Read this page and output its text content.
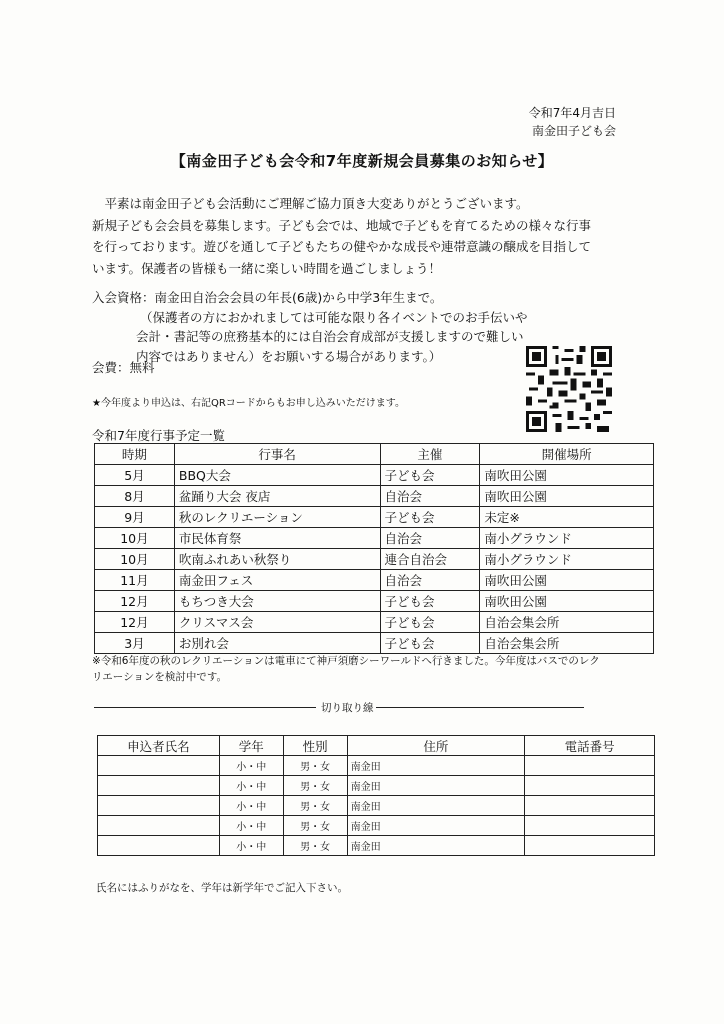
令和7年4月吉日
南金田子ども会
【南金田子ども会令和7年度新規会員募集のお知らせ】

　平素は南金田子ども会活動にご理解ご協力頂き大変ありがとうございます。

新規子ども会会員を募集します。子ども会では、地域で子どもを育てるための様々な行事

を行っております。遊びを通して子どもたちの健やかな成長や連帯意識の醸成を目指して

います。保護者の皆様も一緒に楽しい時間を過ごしましょう！

入会資格：南金田自治会会員の年長(6歳)から中学3年生まで。
（保護者の方におかれましては可能な限り各イベントでのお手伝いや
会計・書記等の庶務基本的には自治会育成部が支援しますので難しい
内容ではありません）をお願いする場合があります。）
会費：無料
★今年度より申込は、右記QRコードからもお申し込みいただけます。
令和7年度行事予定一覧
時期	行事名	主催	開催場所
5月	BBQ大会	子ども会	南吹田公園
8月	盆踊り大会 夜店	自治会	南吹田公園
9月	秋のレクリエーション	子ども会	未定※
10月	市民体育祭	自治会	南小グラウンド
10月	吹南ふれあい秋祭り	連合自治会	南小グラウンド
11月	南金田フェス	自治会	南吹田公園
12月	もちつき大会	子ども会	南吹田公園
12月	クリスマス会	子ども会	自治会集会所
3月	お別れ会	子ども会	自治会集会所
※令和6年度の秋のレクリエーションは電車にて神戸須磨シーワールドへ行きました。今年度はバスでのレク
リエーションを検討中です。
切り取り線
申込者氏名	学年	性別	住所	電話番号
	小・中	男・女	南金田	
	小・中	男・女	南金田	
	小・中	男・女	南金田	
	小・中	男・女	南金田	
	小・中	男・女	南金田	
氏名にはふりがなを、学年は新学年でご記入下さい。
